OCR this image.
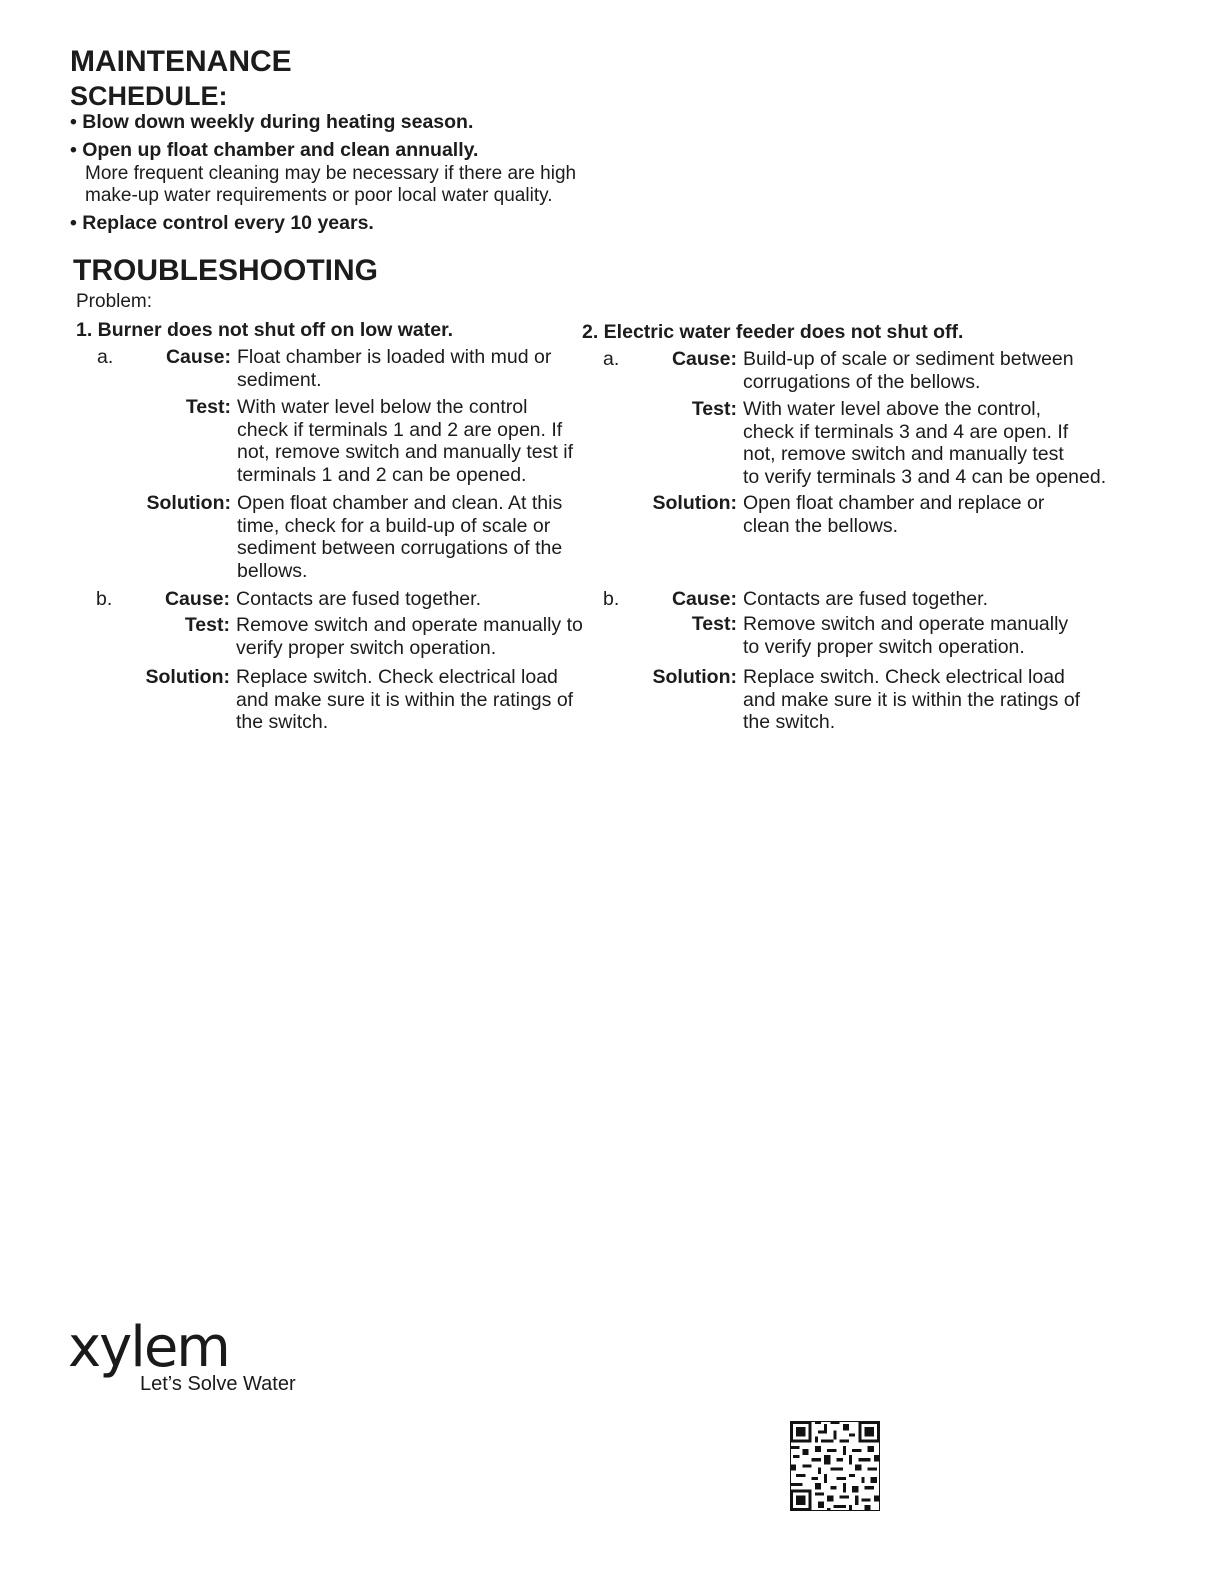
MAINTENANCE
SCHEDULE:
• Blow down weekly during heating season.
• Open up float chamber and clean annually.
More frequent cleaning may be necessary if there are high
make-up water requirements or poor local water quality.
• Replace control every 10 years.
TROUBLESHOOTING
Problem:
1. Burner does not shut off on low water.
a.	Cause: Float chamber is loaded with mud or
sediment.
Test: With water level below the control
check if terminals 1 and 2 are open. If
not, remove switch and manually test if
terminals 1 and 2 can be opened.
Solution: Open float chamber and clean. At this
time, check for a build-up of scale or
sediment between corrugations of the
bellows.
b.	Cause: Contacts are fused together.
Test: Remove switch and operate manually to
verify proper switch operation.
Solution: Replace switch. Check electrical load
and make sure it is within the ratings of
the switch.
2. Electric water feeder does not shut off.
a.	Cause: Build-up of scale or sediment between
corrugations of the bellows.
Test: With water level above the control,
check if terminals 3 and 4 are open. If
not, remove switch and manually test
to verify terminals 3 and 4 can be opened.
Solution: Open float chamber and replace or
clean the bellows.
b.	Cause: Contacts are fused together.
Test: Remove switch and operate manually
to verify proper switch operation.
Solution: Replace switch. Check electrical load
and make sure it is within the ratings of
the switch.
xylem
Let’s Solve Water
